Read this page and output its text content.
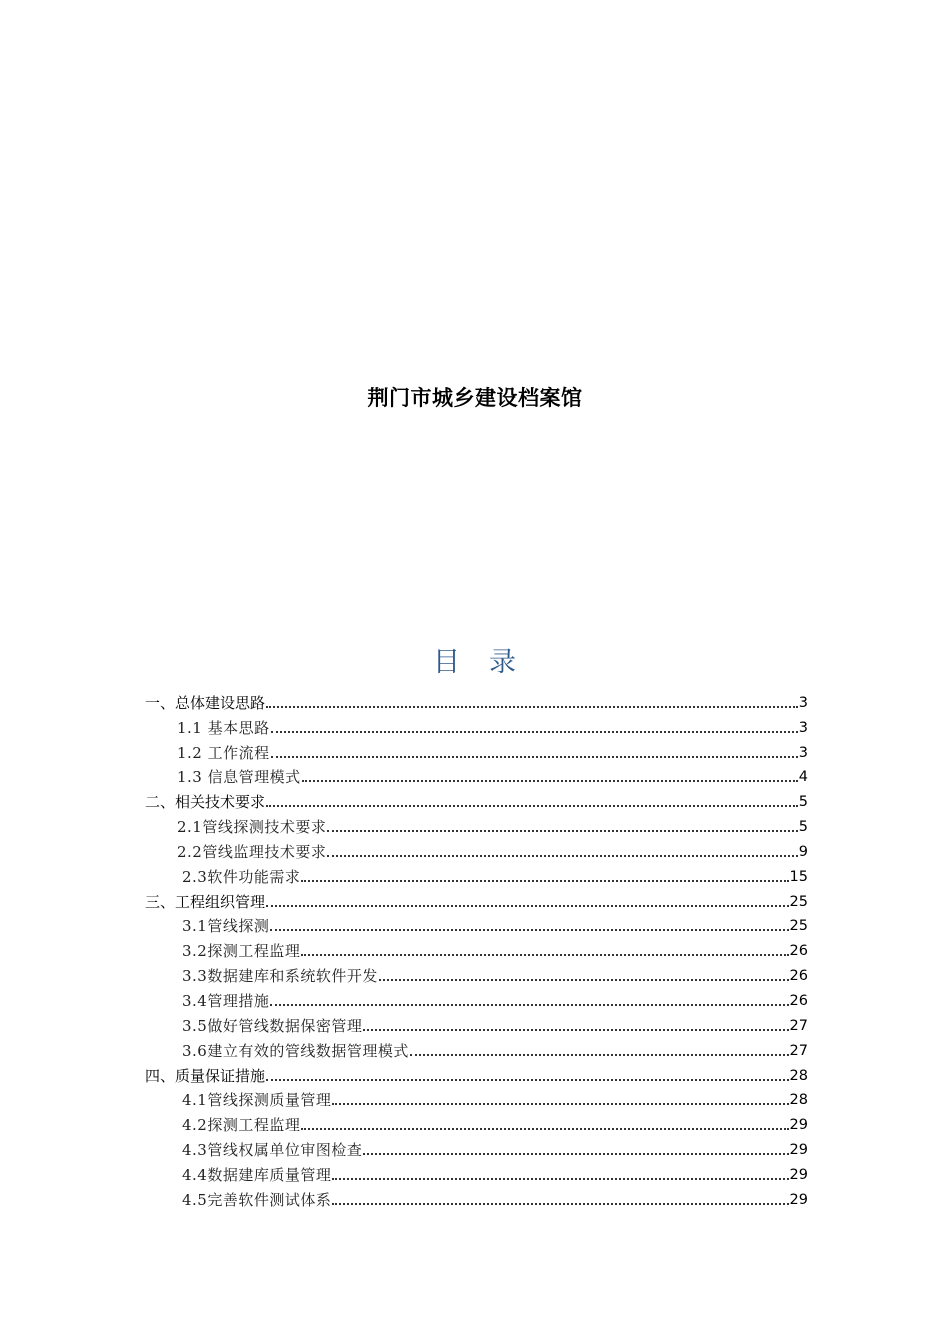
荆门市城乡建设档案馆
目 录
一、总体建设思路	3
1.1 基本思路	3
1.2 工作流程	3
1.3 信息管理模式	4
二、相关技术要求	5
2.1管线探测技术要求	5
2.2管线监理技术要求	9
2.3软件功能需求	15
三、工程组织管理	25
3.1管线探测	25
3.2探测工程监理	26
3.3数据建库和系统软件开发	26
3.4管理措施	26
3.5做好管线数据保密管理	27
3.6建立有效的管线数据管理模式	27
四、质量保证措施	28
4.1管线探测质量管理	28
4.2探测工程监理	29
4.3管线权属单位审图检查	29
4.4数据建库质量管理	29
4.5完善软件测试体系	29
